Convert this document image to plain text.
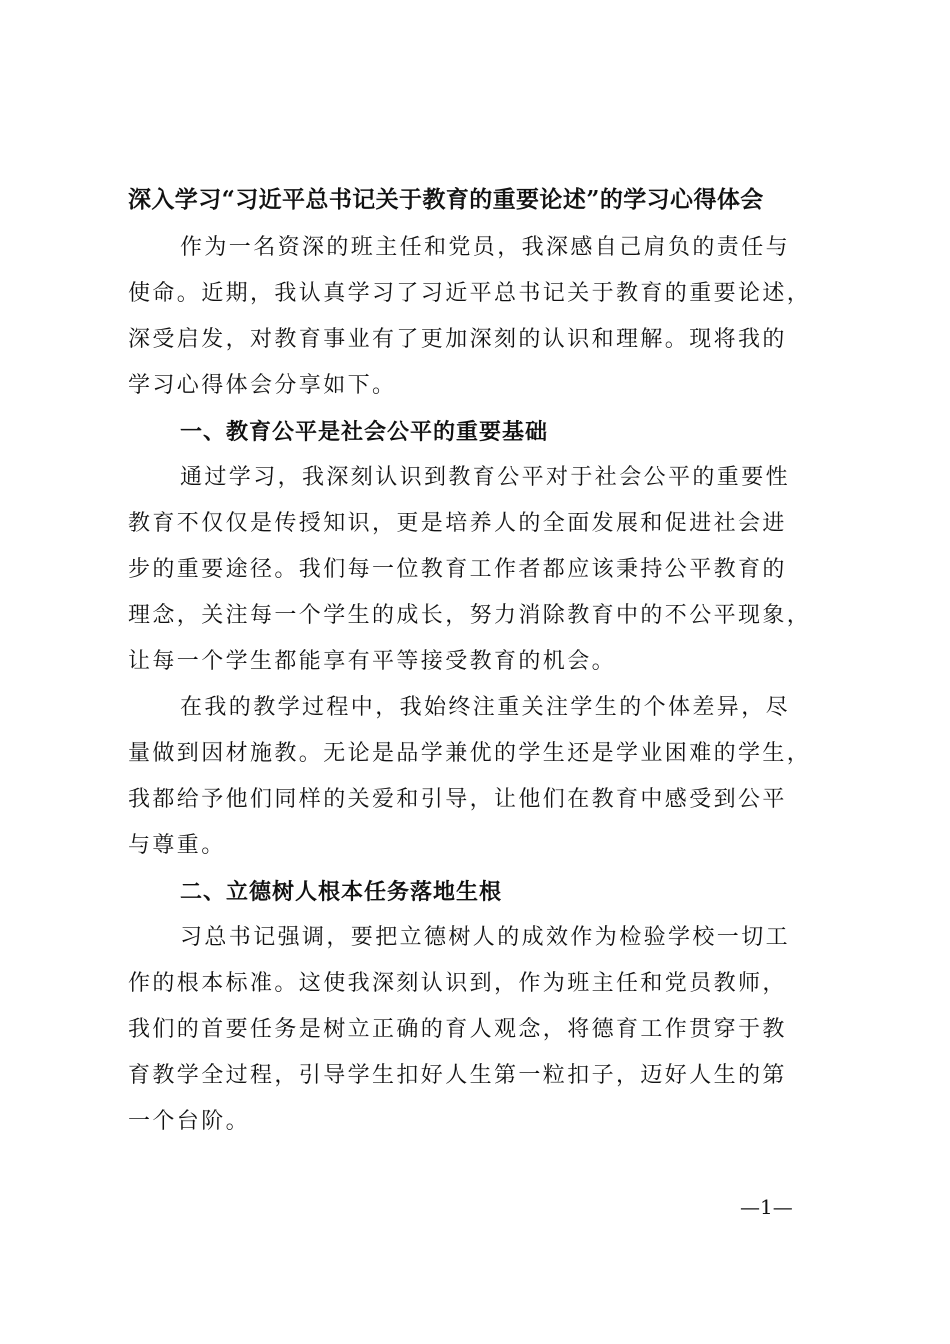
深入学习“习近平总书记关于教育的重要论述”的学习心得体会
作为一名资深的班主任和党员，我深感自己肩负的责任与
使命。近期，我认真学习了习近平总书记关于教育的重要论述，
深受启发，对教育事业有了更加深刻的认识和理解。现将我的
学习心得体会分享如下。
一、教育公平是社会公平的重要基础
通过学习，我深刻认识到教育公平对于社会公平的重要性
教育不仅仅是传授知识，更是培养人的全面发展和促进社会进
步的重要途径。我们每一位教育工作者都应该秉持公平教育的
理念，关注每一个学生的成长，努力消除教育中的不公平现象，
让每一个学生都能享有平等接受教育的机会。
在我的教学过程中，我始终注重关注学生的个体差异，尽
量做到因材施教。无论是品学兼优的学生还是学业困难的学生，
我都给予他们同样的关爱和引导，让他们在教育中感受到公平
与尊重。
二、立德树人根本任务落地生根
习总书记强调，要把立德树人的成效作为检验学校一切工
作的根本标准。这使我深刻认识到，作为班主任和党员教师，
我们的首要任务是树立正确的育人观念，将德育工作贯穿于教
育教学全过程，引导学生扣好人生第一粒扣子，迈好人生的第
一个台阶。
—1—
